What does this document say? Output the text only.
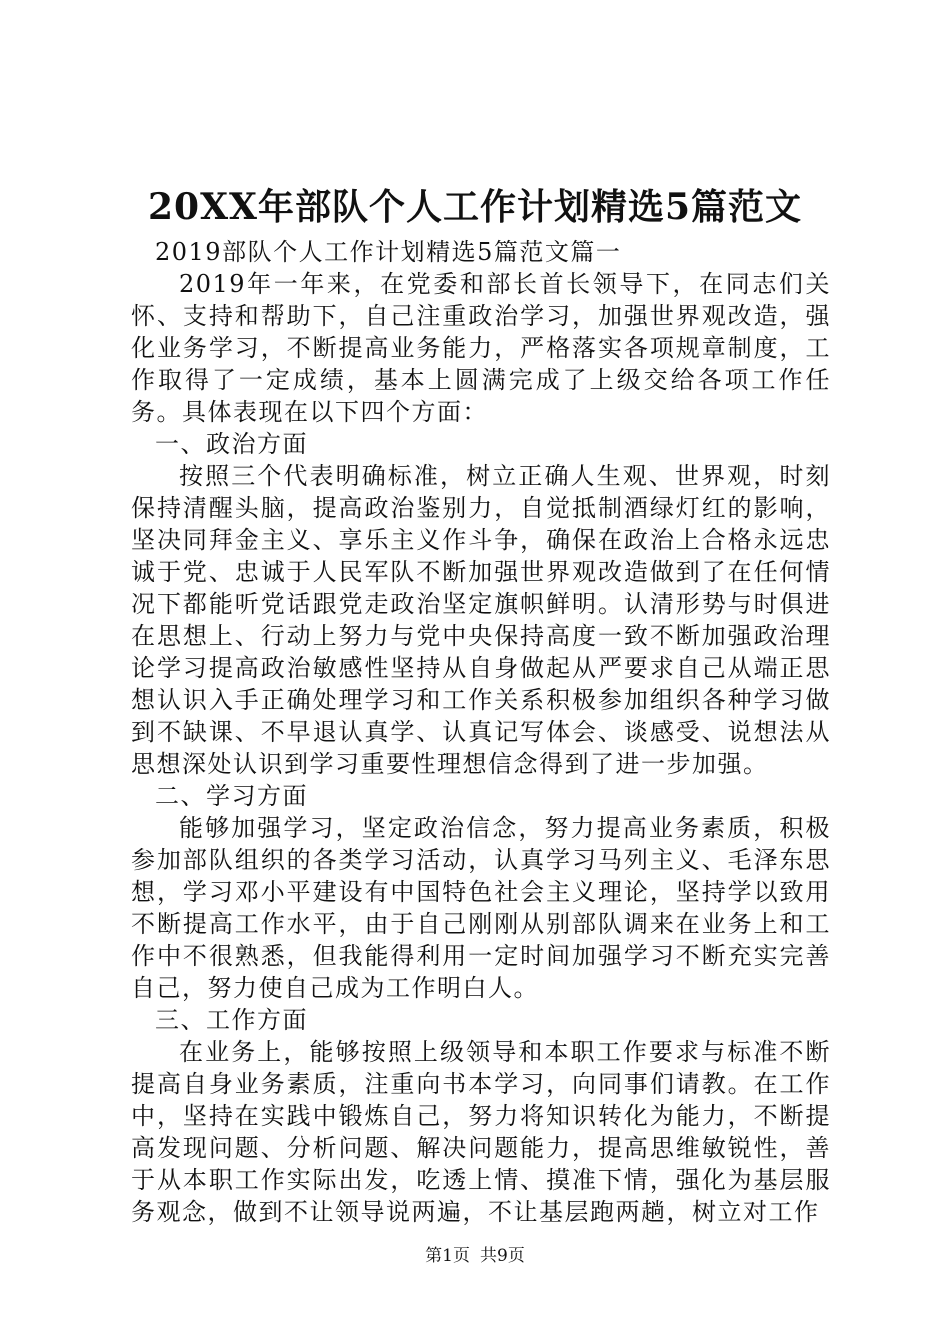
20XX年部队个人工作计划精选5篇范文

2019部队个人工作计划精选5篇范文篇一

2019年一年来，在党委和部长首长领导下，在同志们关怀、支持和帮助下，自己注重政治学习，加强世界观改造，强化业务学习，不断提高业务能力，严格落实各项规章制度，工作取得了一定成绩，基本上圆满完成了上级交给各项工作任务。具体表现在以下四个方面：

一、政治方面

按照三个代表明确标准，树立正确人生观、世界观，时刻保持清醒头脑，提高政治鉴别力，自觉抵制酒绿灯红的影响，坚决同拜金主义、享乐主义作斗争，确保在政治上合格永远忠诚于党、忠诚于人民军队不断加强世界观改造做到了在任何情况下都能听党话跟党走政治坚定旗帜鲜明。认清形势与时俱进在思想上、行动上努力与党中央保持高度一致不断加强政治理论学习提高政治敏感性坚持从自身做起从严要求自己从端正思想认识入手正确处理学习和工作关系积极参加组织各种学习做到不缺课、不早退认真学、认真记写体会、谈感受、说想法从思想深处认识到学习重要性理想信念得到了进一步加强。

二、学习方面

能够加强学习，坚定政治信念，努力提高业务素质，积极参加部队组织的各类学习活动，认真学习马列主义、毛泽东思想，学习邓小平建设有中国特色社会主义理论，坚持学以致用不断提高工作水平，由于自己刚刚从别部队调来在业务上和工作中不很熟悉，但我能得利用一定时间加强学习不断充实完善自己，努力使自己成为工作明白人。

三、工作方面

在业务上，能够按照上级领导和本职工作要求与标准不断提高自身业务素质，注重向书本学习，向同事们请教。在工作中，坚持在实践中锻炼自己，努力将知识转化为能力，不断提高发现问题、分析问题、解决问题能力，提高思维敏锐性，善于从本职工作实际出发，吃透上情、摸准下情，强化为基层服务观念，做到不让领导说两遍，不让基层跑两趟，树立对工作

第1页 共9页
